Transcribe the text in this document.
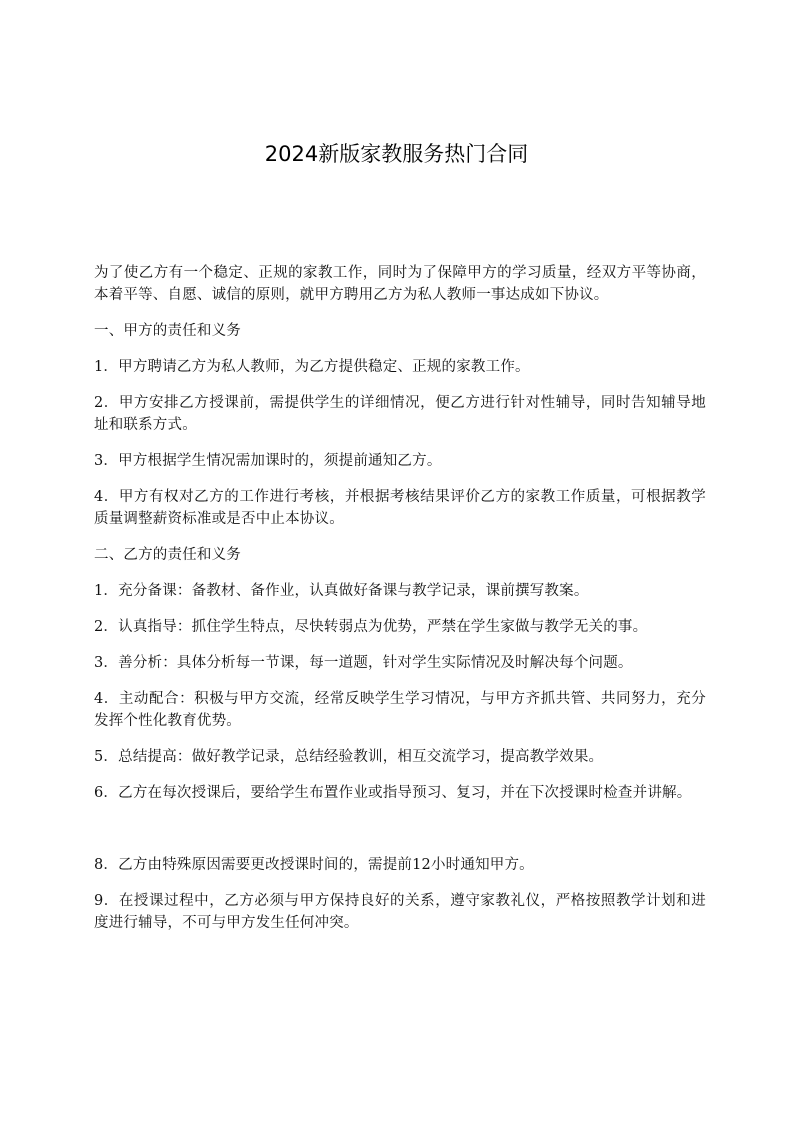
2024新版家教服务热门合同

为了使乙方有一个稳定、正规的家教工作，同时为了保障甲方的学习质量，经双方平等协商，本着平等、自愿、诚信的原则，就甲方聘用乙方为私人教师一事达成如下协议。

一、甲方的责任和义务

1．甲方聘请乙方为私人教师，为乙方提供稳定、正规的家教工作。

2．甲方安排乙方授课前，需提供学生的详细情况，便乙方进行针对性辅导，同时告知辅导地址和联系方式。

3．甲方根据学生情况需加课时的，须提前通知乙方。

4．甲方有权对乙方的工作进行考核，并根据考核结果评价乙方的家教工作质量，可根据教学质量调整薪资标准或是否中止本协议。

二、乙方的责任和义务

1．充分备课：备教材、备作业，认真做好备课与教学记录，课前撰写教案。

2．认真指导：抓住学生特点，尽快转弱点为优势，严禁在学生家做与教学无关的事。

3．善分析：具体分析每一节课，每一道题，针对学生实际情况及时解决每个问题。

4．主动配合：积极与甲方交流，经常反映学生学习情况，与甲方齐抓共管、共同努力，充分发挥个性化教育优势。

5．总结提高：做好教学记录，总结经验教训，相互交流学习，提高教学效果。

6．乙方在每次授课后，要给学生布置作业或指导预习、复习，并在下次授课时检查并讲解。

8．乙方由特殊原因需要更改授课时间的，需提前12小时通知甲方。

9．在授课过程中，乙方必须与甲方保持良好的关系，遵守家教礼仪，严格按照教学计划和进度进行辅导，不可与甲方发生任何冲突。
